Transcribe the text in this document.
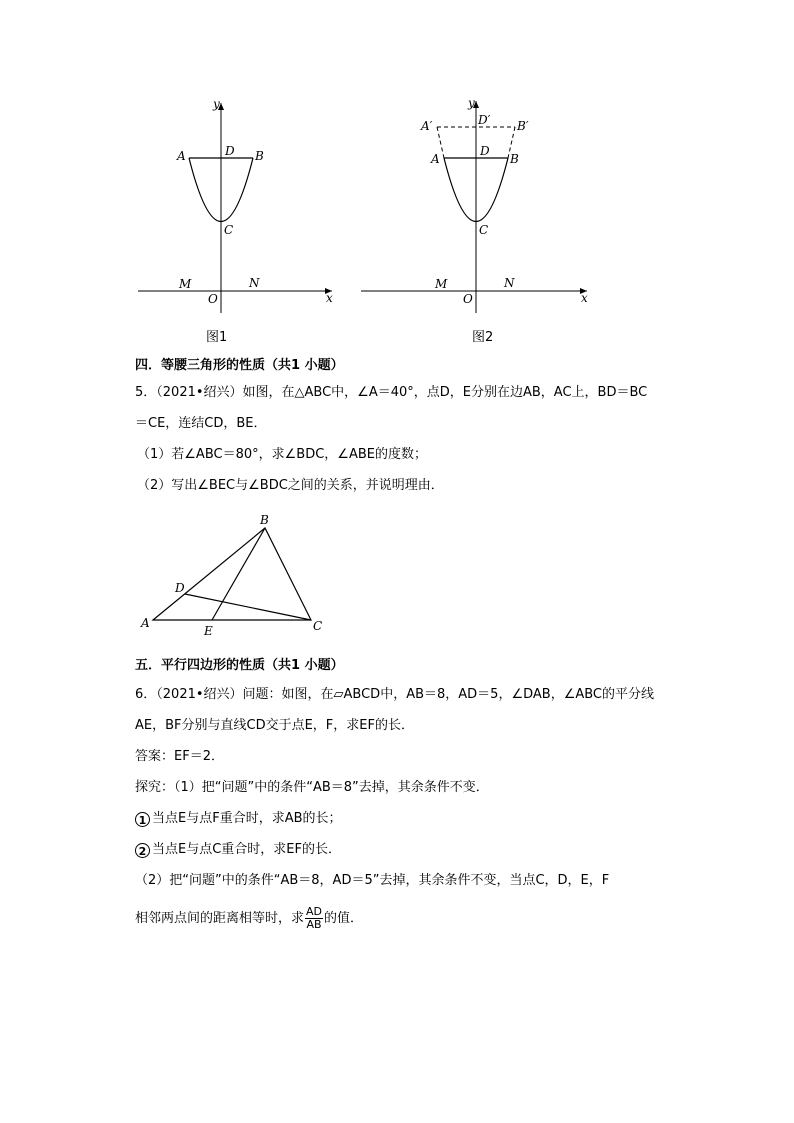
y
x
A	D B
C
M	N
O
图1
y
x
A′	D′ B′
A
D
B
C
M	N
O
图2
四．等腰三角形的性质（共1 小题）
5．（2021•绍兴）如图，在△ABC中，∠A＝40°，点D，E分别在边AB，AC上，BD＝BC
＝CE，连结CD，BE．
（1）若∠ABC＝80°，求∠BDC，∠ABE的度数；
（2）写出∠BEC与∠BDC之间的关系，并说明理由．
B
D
A
E	C
五．平行四边形的性质（共1 小题）
6．（2021•绍兴）问题：如图，在▱ABCD中，AB＝8，AD＝5，∠DAB，∠ABC的平分线
AE，BF分别与直线CD交于点E，F，求EF的长．
答案：EF＝2．
探究：（1）把“问题”中的条件“AB＝8”去掉，其余条件不变．
1 当点E与点F重合时，求AB的长；
2 当点E与点C重合时，求EF的长．
（2）把“问题”中的条件“AB＝8，AD＝5”去掉，其余条件不变，当点C，D，E，F
相邻两点间的距离相等时，求 $\frac{AD}{AB}$ 的值．
